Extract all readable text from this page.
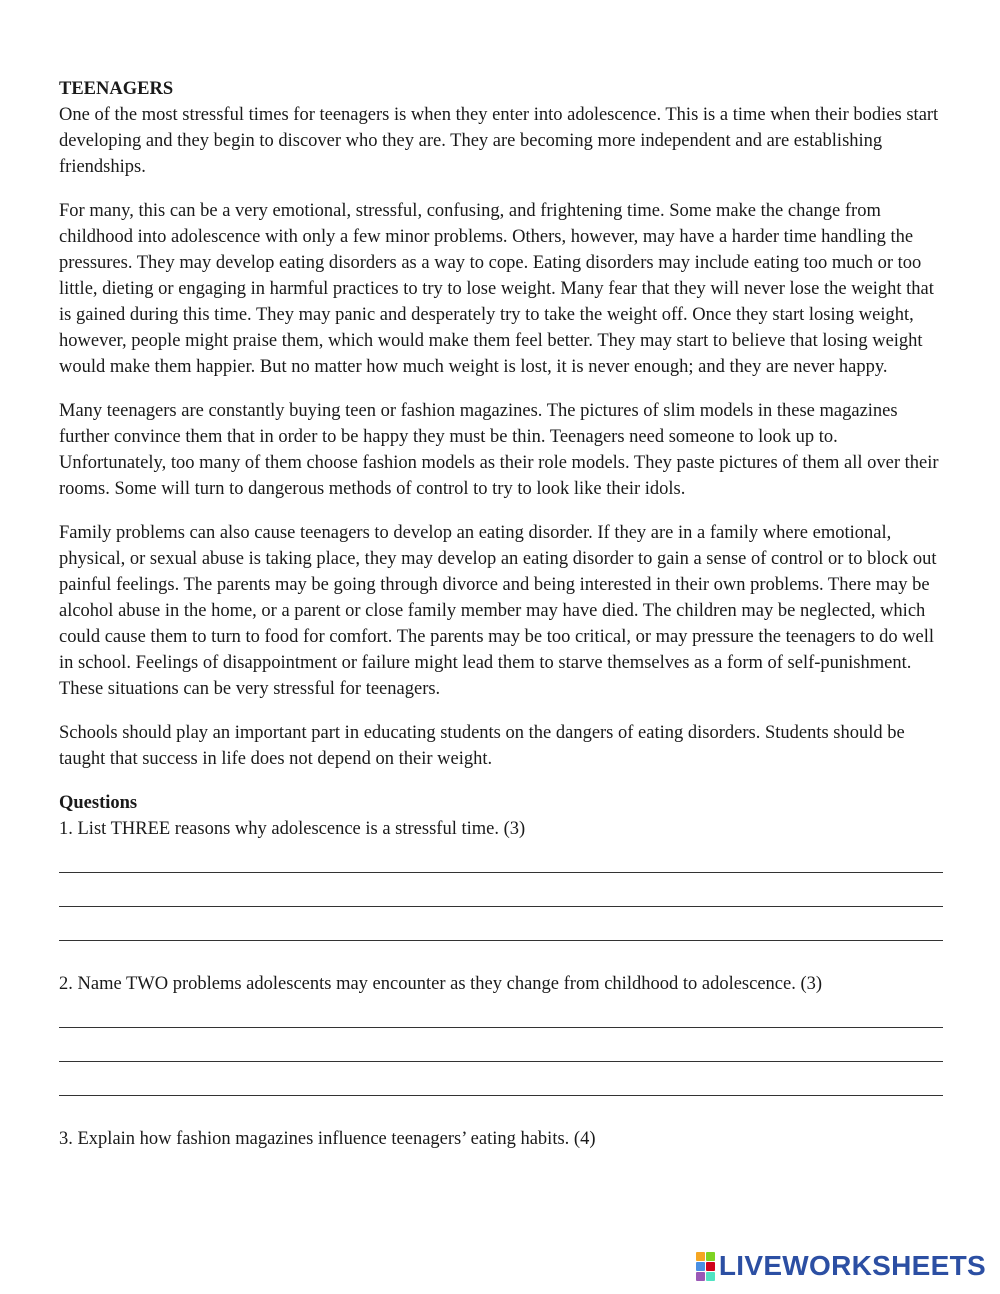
TEENAGERS

One of the most stressful times for teenagers is when they enter into adolescence. This is a time when their bodies start developing and they begin to discover who they are. They are becoming more independent and are establishing friendships.

For many, this can be a very emotional, stressful, confusing, and frightening time. Some make the change from childhood into adolescence with only a few minor problems. Others, however, may have a harder time handling the pressures. They may develop eating disorders as a way to cope. Eating disorders may include eating too much or too little, dieting or engaging in harmful practices to try to lose weight. Many fear that they will never lose the weight that is gained during this time. They may panic and desperately try to take the weight off. Once they start losing weight, however, people might praise them, which would make them feel better. They may start to believe that losing weight would make them happier. But no matter how much weight is lost, it is never enough; and they are never happy.

Many teenagers are constantly buying teen or fashion magazines. The pictures of slim models in these magazines further convince them that in order to be happy they must be thin. Teenagers need someone to look up to. Unfortunately, too many of them choose fashion models as their role models. They paste pictures of them all over their rooms. Some will turn to dangerous methods of control to try to look like their idols.

Family problems can also cause teenagers to develop an eating disorder. If they are in a family where emotional, physical, or sexual abuse is taking place, they may develop an eating disorder to gain a sense of control or to block out painful feelings. The parents may be going through divorce and being interested in their own problems. There may be alcohol abuse in the home, or a parent or close family member may have died. The children may be neglected, which could cause them to turn to food for comfort. The parents may be too critical, or may pressure the teenagers to do well in school. Feelings of disappointment or failure might lead them to starve themselves as a form of self-punishment. These situations can be very stressful for teenagers.

Schools should play an important part in educating students on the dangers of eating disorders. Students should be taught that success in life does not depend on their weight.

Questions

1. List THREE reasons why adolescence is a stressful time. (3)

2. Name TWO problems adolescents may encounter as they change from childhood to adolescence. (3)

3. Explain how fashion magazines influence teenagers’ eating habits. (4)

LIVEWORKSHEETS
